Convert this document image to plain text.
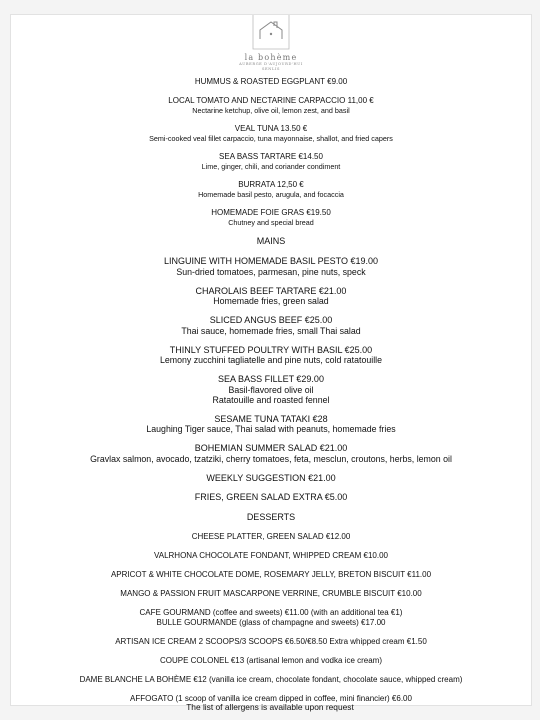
la bohème
AUBERGE D'AUJOURD'HUI
SENLIS
HUMMUS & ROASTED EGGPLANT €9.00
LOCAL TOMATO AND NECTARINE CARPACCIO 11,00 €
Nectarine ketchup, olive oil, lemon zest, and basil
VEAL TUNA 13.50 €
Semi-cooked veal fillet carpaccio, tuna mayonnaise, shallot, and fried capers
SEA BASS TARTARE €14.50
Lime, ginger, chili, and coriander condiment
BURRATA 12,50 €
Homemade basil pesto, arugula, and focaccia
HOMEMADE FOIE GRAS €19.50
Chutney and special bread
MAINS
LINGUINE WITH HOMEMADE BASIL PESTO €19.00
Sun-dried tomatoes, parmesan, pine nuts, speck
CHAROLAIS BEEF TARTARE €21.00
Homemade fries, green salad
SLICED ANGUS BEEF €25.00
Thai sauce, homemade fries, small Thai salad
THINLY STUFFED POULTRY WITH BASIL €25.00
Lemony zucchini tagliatelle and pine nuts, cold ratatouille
SEA BASS FILLET €29.00
Basil-flavored olive oil
Ratatouille and roasted fennel
SESAME TUNA TATAKI €28
Laughing Tiger sauce, Thai salad with peanuts, homemade fries
BOHEMIAN SUMMER SALAD €21.00
Gravlax salmon, avocado, tzatziki, cherry tomatoes, feta, mesclun, croutons, herbs, lemon oil
WEEKLY SUGGESTION €21.00
FRIES, GREEN SALAD EXTRA €5.00
DESSERTS
CHEESE PLATTER, GREEN SALAD €12.00
VALRHONA CHOCOLATE FONDANT, WHIPPED CREAM €10.00
APRICOT & WHITE CHOCOLATE DOME, ROSEMARY JELLY, BRETON BISCUIT €11.00
MANGO & PASSION FRUIT MASCARPONE VERRINE, CRUMBLE BISCUIT €10.00
CAFE GOURMAND (coffee and sweets) €11.00 (with an additional tea €1)
BULLE GOURMANDE (glass of champagne and sweets) €17.00
ARTISAN ICE CREAM 2 SCOOPS/3 SCOOPS €6.50/€8.50 Extra whipped cream €1.50
COUPE COLONEL €13 (artisanal lemon and vodka ice cream)
DAME BLANCHE LA BOHÈME €12 (vanilla ice cream, chocolate fondant, chocolate sauce, whipped cream)
AFFOGATO (1 scoop of vanilla ice cream dipped in coffee, mini financier) €6.00
The list of allergens is available upon request
